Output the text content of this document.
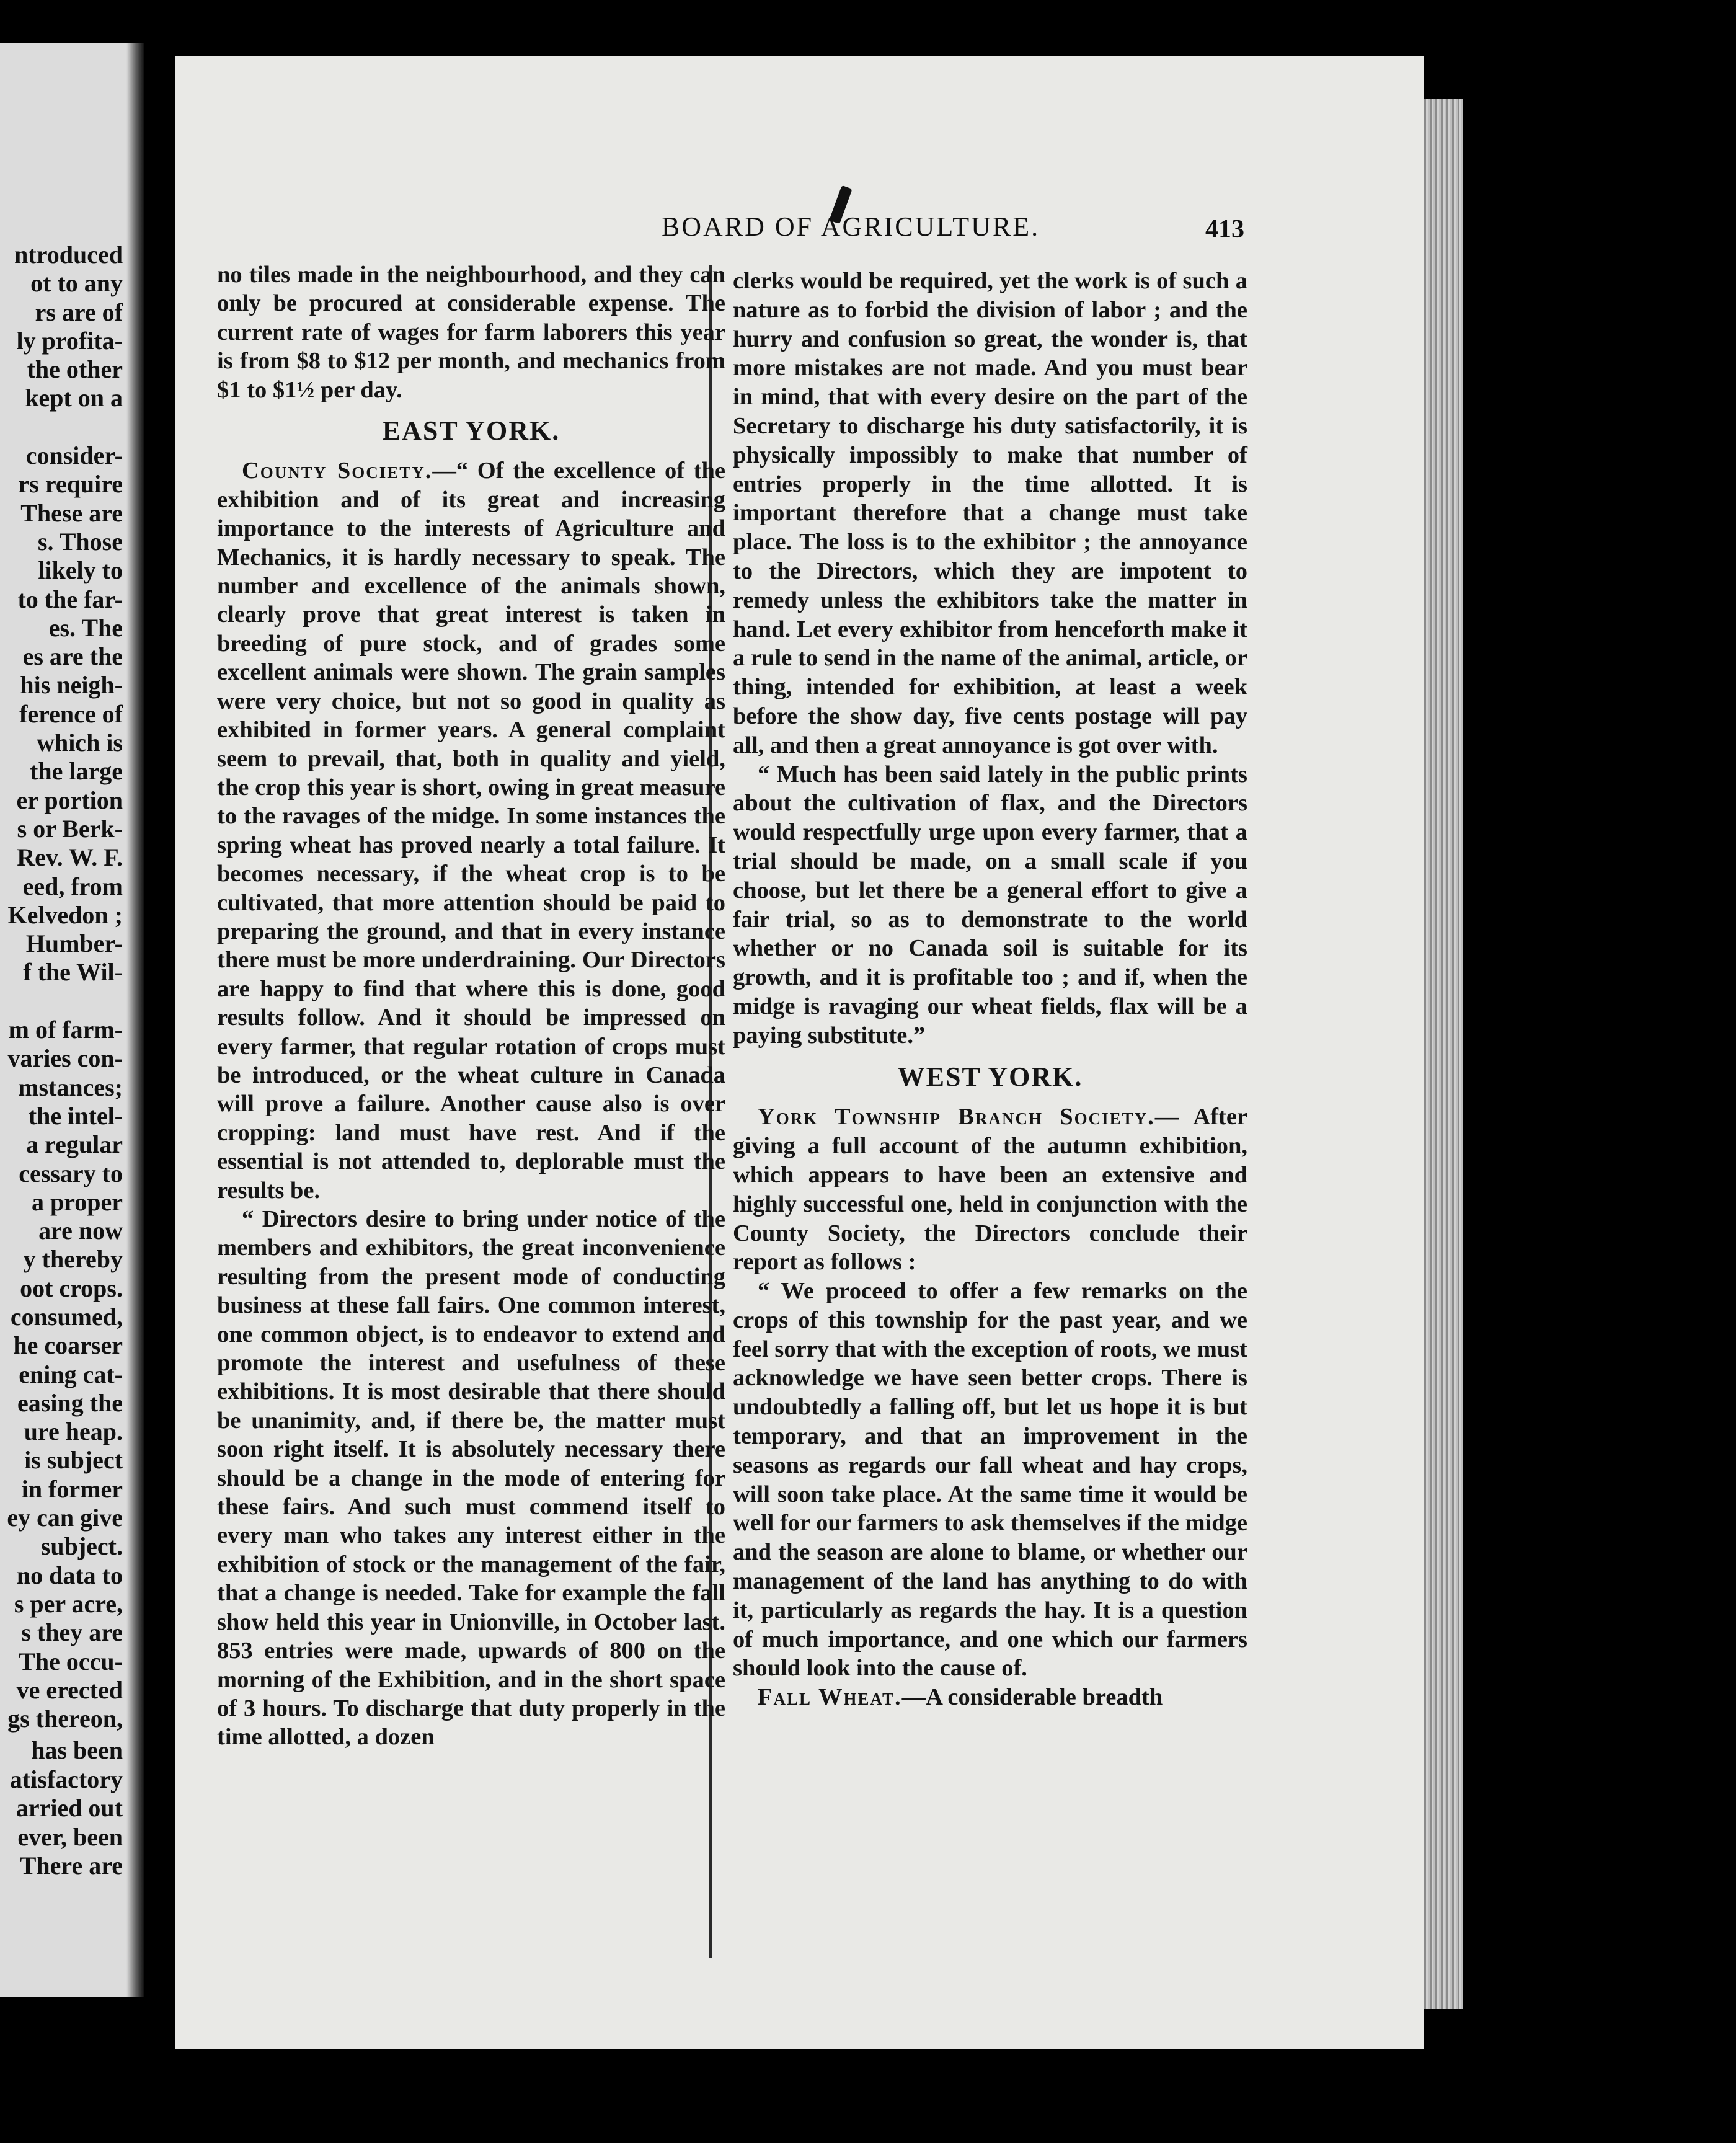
ntroduced
ot to any
rs are of
ly profita-
the other
kept on a
consider-
rs require
These are
s. Those
likely to
to the far-
es. The
es are the
his neigh-
ference of
which is
the large
er portion
s or Berk-
Rev. W. F.
eed, from
Kelvedon ;
Humber-
f the Wil-
m of farm-
varies con-
mstances;
the intel-
a regular
cessary to
a proper
are now
y thereby
oot crops.
consumed,
he coarser
ening cat-
easing the
ure heap.
is subject
in former
ey can give
subject.
no data to
s per acre,
s they are
The occu-
ve erected
gs thereon,
has been
atisfactory
arried out
ever, been
There are
BOARD OF AGRICULTURE.	413

no tiles made in the neighbourhood, and they can only be procured at considerable expense. The current rate of wages for farm laborers this year is from $8 to $12 per month, and mechanics from $1 to $1½ per day.

EAST YORK.

County Society.—“ Of the excellence of the exhibition and of its great and increasing importance to the interests of Agriculture and Mechanics, it is hardly necessary to speak. The number and excellence of the animals shown, clearly prove that great interest is taken in breeding of pure stock, and of grades some excellent animals were shown. The grain samples were very choice, but not so good in quality as exhibited in former years. A general complaint seem to prevail, that, both in quality and yield, the crop this year is short, owing in great measure to the ravages of the midge. In some instances the spring wheat has proved nearly a total failure. It becomes necessary, if the wheat crop is to be cultivated, that more attention should be paid to preparing the ground, and that in every instance there must be more underdraining. Our Directors are happy to find that where this is done, good results follow. And it should be impressed on every farmer, that regular rotation of crops must be introduced, or the wheat culture in Canada will prove a failure. Another cause also is over cropping: land must have rest. And if the essential is not attended to, deplorable must the results be.

“ Directors desire to bring under notice of the members and exhibitors, the great inconvenience resulting from the present mode of conducting business at these fall fairs. One common interest, one common object, is to endeavor to extend and promote the interest and usefulness of these exhibitions. It is most desirable that there should be unanimity, and, if there be, the matter must soon right itself. It is absolutely necessary there should be a change in the mode of entering for these fairs. And such must commend itself to every man who takes any interest either in the exhibition of stock or the management of the fair, that a change is needed. Take for example the fall show held this year in Unionville, in October last. 853 entries were made, upwards of 800 on the morning of the Exhibition, and in the short space of 3 hours. To discharge that duty properly in the time allotted, a dozen

clerks would be required, yet the work is of such a nature as to forbid the division of labor ; and the hurry and confusion so great, the wonder is, that more mistakes are not made. And you must bear in mind, that with every desire on the part of the Secretary to discharge his duty satisfactorily, it is physically impossibly to make that number of entries properly in the time allotted. It is important therefore that a change must take place. The loss is to the exhibitor ; the annoyance to the Directors, which they are impotent to remedy unless the exhibitors take the matter in hand. Let every exhibitor from henceforth make it a rule to send in the name of the animal, article, or thing, intended for exhibition, at least a week before the show day, five cents postage will pay all, and then a great annoyance is got over with.

“ Much has been said lately in the public prints about the cultivation of flax, and the Directors would respectfully urge upon every farmer, that a trial should be made, on a small scale if you choose, but let there be a general effort to give a fair trial, so as to demonstrate to the world whether or no Canada soil is suitable for its growth, and it is profitable too ; and if, when the midge is ravaging our wheat fields, flax will be a paying substitute.”

WEST YORK.

York Township Branch Society.— After giving a full account of the autumn exhibition, which appears to have been an extensive and highly successful one, held in conjunction with the County Society, the Directors conclude their report as follows :

“ We proceed to offer a few remarks on the crops of this township for the past year, and we feel sorry that with the exception of roots, we must acknowledge we have seen better crops. There is undoubtedly a falling off, but let us hope it is but temporary, and that an improvement in the seasons as regards our fall wheat and hay crops, will soon take place. At the same time it would be well for our farmers to ask themselves if the midge and the season are alone to blame, or whether our management of the land has anything to do with it, particularly as regards the hay. It is a question of much importance, and one which our farmers should look into the cause of.

Fall Wheat.—A considerable breadth
